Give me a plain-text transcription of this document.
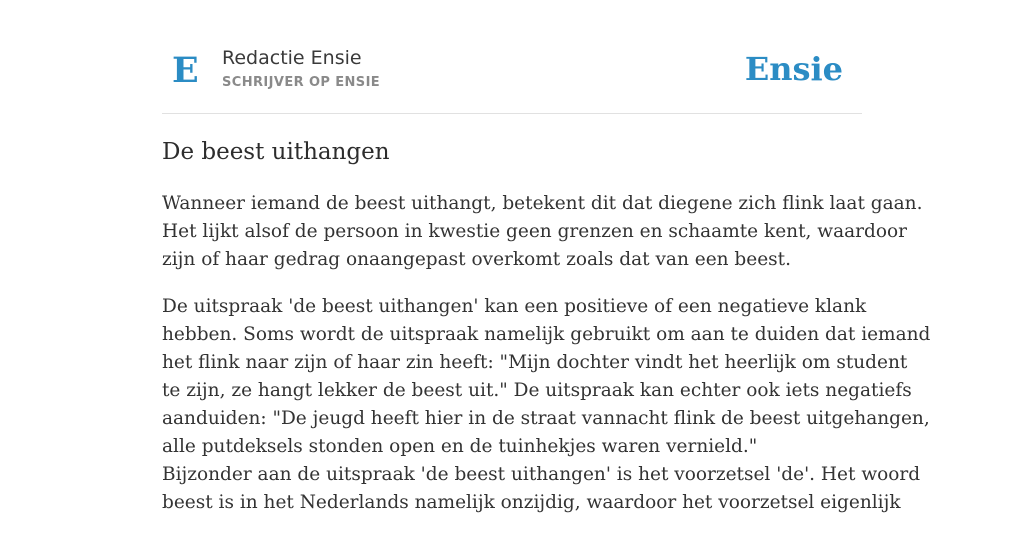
E Redactie Ensie
SCHRIJVER OP ENSIE	Ensie
De beest uithangen

Wanneer iemand de beest uithangt, betekent dit dat diegene zich flink laat gaan.
Het lijkt alsof de persoon in kwestie geen grenzen en schaamte kent, waardoor
zijn of haar gedrag onaangepast overkomt zoals dat van een beest.

De uitspraak 'de beest uithangen' kan een positieve of een negatieve klank
hebben. Soms wordt de uitspraak namelijk gebruikt om aan te duiden dat iemand
het flink naar zijn of haar zin heeft: "Mijn dochter vindt het heerlijk om student
te zijn, ze hangt lekker de beest uit." De uitspraak kan echter ook iets negatiefs
aanduiden: "De jeugd heeft hier in de straat vannacht flink de beest uitgehangen,
alle putdeksels stonden open en de tuinhekjes waren vernield."
Bijzonder aan de uitspraak 'de beest uithangen' is het voorzetsel 'de'. Het woord
beest is in het Nederlands namelijk onzijdig, waardoor het voorzetsel eigenlijk
